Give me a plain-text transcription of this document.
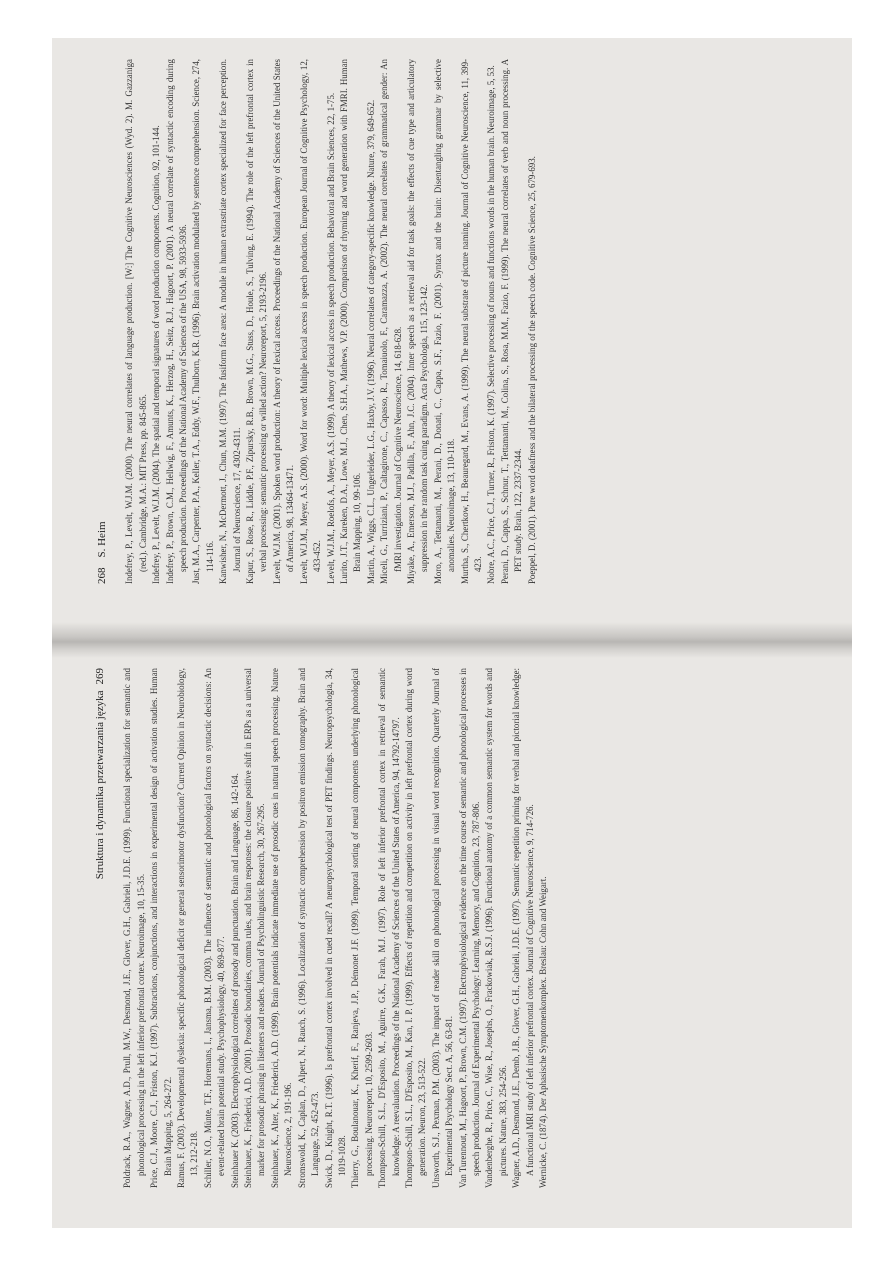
268
S. Heim Indefrey, P., Levelt, W.J.M. (2000). The neural correlates of language production. [W:] The Cognitive Neurosciences (Wyd. 2). M. Gazzaniga (red.). Cambridge, M.A.: MIT Press, pp. 845-865. Indefrey, P., Levelt, W.J.M. (2004). The spatial and temporal signatures of word production components. Cognition, 92, 101-144. Indefrey, P., Brown, C.M., Hellwig, F., Amunts, K., Herzog, H., Seitz, R.J., Hagoort, P. (2001). A neural correlate of syntactic encoding during speech production. Proceedings of the National Academy of Sciences of the USA, 98, 5933-5936. Just, M.A., Carpenter, P.A., Keller, T.A., Eddy, W.F., Thulborn, K.R. (1996). Brain activation modulated by sentence comprehension. Science, 274, 114-116. Kanwisher, N., McDermott, J., Chun, M.M. (1997). The fusiform face area: A module in human extrastriate cortex specialized for face perception. Journal of Neuroscience, 17, 4302-4311. Kapur, S., Rose, R., Liddle, P.F., Zipursky, R.B., Brown, M.G., Stuss, D., Houle, S., Tulving, E. (1994). The role of the left prefrontal cortex in verbal processing: semantic processing or willed action? Neuroreport, 5, 2193-2196. Levelt, W.J.M. (2001). Spoken word production: A theory of lexical access. Proceedings of the National Academy of Sciences of the United States of America, 98, 13464-13471. Levelt, W.J.M., Meyer, A.S. (2000). Word for word: Multiple lexical access in speech production. European Journal of Cognitive Psychology, 12, 433-452. Levelt, W.J.M., Roelofs, A., Meyer, A.S. (1999). A theory of lexical access in speech production. Behavioral and Brain Sciences, 22, 1-75. Lurito, J.T., Kareken, D.A., Lowe, M.J., Chen, S.H.A., Mathews, V.P. (2000). Comparison of rhyming and word generation with FMRI. Human Brain Mapping, 10, 99-106. Martin, A., Wiggs, C.L., Ungerleider, L.G., Haxby, J.V. (1996). Neural correlates of category-specific knowledge. Nature, 379, 649-652. Miceli, G., Turriziani, P., Caltagirone, C., Capasso, R., Tomaiuolo, F., Caramazza, A. (2002). The neural correlates of grammatical gender: An fMRI investigation. Journal of Cognitive Neuroscience, 14, 618-628. Miyake, A., Emerson, M.J., Padilla, F., Ahn, J.C. (2004). Inner speech as a retrieval aid for task goals: the effects of cue type and articulatory suppression in the random task cuing paradigm. Acta Psychologia, 115, 123-142. Moro, A., Tettamanti, M., Perani, D., Donati, C., Cappa, S.F., Fazio, F. (2001). Syntax and the brain: Disentangling grammar by selective anomalies. Neuroimage, 13, 110-118. Murtha, S., Chertkow, H., Beauregard, M., Evans, A. (1999). The neural substrate of picture naming. Journal of Cognitive Neuroscience, 11, 399-423. Nobre, A.C., Price, C.J., Turner, R., Friston, K. (1997). Selective processing of nouns and functions words in the human brain. Neuroimage, 5, 53. Perani, D., Cappa, S., Schnur, T., Tettamanti, M., Colina, S., Rosa, M.M., Fazio, F. (1999). The neural correlates of verb and noun processing. A PET study. Brain, 122, 2337-2344. Poeppel, D. (2001). Pure word deafness and the bilateral processing of the speech code. Cognitive Science, 25, 679-693.

Struktura i dynamika przetwarzania języka
269 Poldrack, R.A., Wagner, A.D., Prull, M.W., Desmond, J.E., Glover, G.H., Gabrieli, J.D.E. (1999). Functional specialization for semantic and phonological processing in the left inferior prefrontal cortex. Neuroimage, 10, 15-35. Price, C.J., Moore, C.J., Friston, K.J. (1997). Subtractions, conjunctions, and interactions in experimental design of activation studies. Human Brain Mapping, 5, 264-272. Ramus, F. (2003). Developmental dyslexia: specific phonological deficit or general sensorimotor dysfunction? Current Opinion in Neurobiology, 13, 212-218. Schiller, N.O., Münte, T.F., Horemans, I., Jansma, B.M. (2003). The influence of semantic and phonological factors on syntactic decisions: An event-related brain potential study. Psychophysiology, 40, 869-877. Steinhauer K. (2003). Electrophysiological correlates of prosody and punctuation. Brain and Language, 86, 142-164. Steinhauer, K., Friederici, A.D. (2001). Prosodic boundaries, comma rules, and brain responses: the closure positive shift in ERPs as a universal marker for prosodic phrasing in listeners and readers. Journal of Psycholinguistic Research, 30, 267-295. Steinhauer, K., Alter, K., Friederici, A.D. (1999). Brain potentials indicate immediate use of prosodic cues in natural speech processing. Nature Neuroscience, 2, 191-196. Stromswold, K., Caplan, D., Alpert, N., Rauch, S. (1996). Localization of syntactic comprehension by positron emission tomography. Brain and Language, 52, 452-473. Swick, D., Knight, R.T. (1996). Is prefrontal cortex involved in cued recall? A neuropsychological test of PET findings. Neuropsychologia, 34, 1019-1028. Thierry, G., Boulanouar, K., Kherif, F., Ranjeva, J.P., Démonet J.F. (1999). Temporal sorting of neural components underlying phonological processing. Neuroreport, 10, 2599-2603. Thompson-Schill, S.L., D'Esposito, M., Aguirre, G.K., Farah, M.J. (1997). Role of left inferior prefrontal cortex in retrieval of semantic knowledge: A reevaluation. Proceedings of the National Academy of Sciences of the United States of America, 94, 14792-14797. Thompson-Schill, S.L., D'Esposito, M., Kan, I. P. (1999). Effects of repetition and competition on activity in left prefrontal cortex during word generation. Neuron, 23, 513-522. Unsworth, S.J., Pexman, P.M. (2003). The impact of reader skill on phonological processing in visual word recognition. Quarterly Journal of Experimental Psychology Sect. A, 56, 63-81. Van Turennout, M., Hagoort, P., Brown, C.M. (1997). Electrophysiological evidence on the time course of semantic and phonological processes in speech production. Journal of Experimental Psychology: Learning, Memory, and Cognition, 23, 787-806. Vandenberghe, R., Price, C., Wise, R., Josephs, O., Frackowiak, R.S.J. (1996). Functional anatomy of a common semantic system for words and pictures. Nature, 383, 254-256. Wagner, A.D., Desmond, J.E., Demb, J.B., Glover, G.H., Gabrieli, J.D.E. (1997). Semantic repetition priming for verbal and pictorial knowledge: A functional MRI study of left inferior prefrontal cortex. Journal of Cognitive Neuroscience, 9, 714-726. Wernicke, C. (1874). Der Aphasische Symptomenkomplex. Breslau: Cohn and Weigart.
